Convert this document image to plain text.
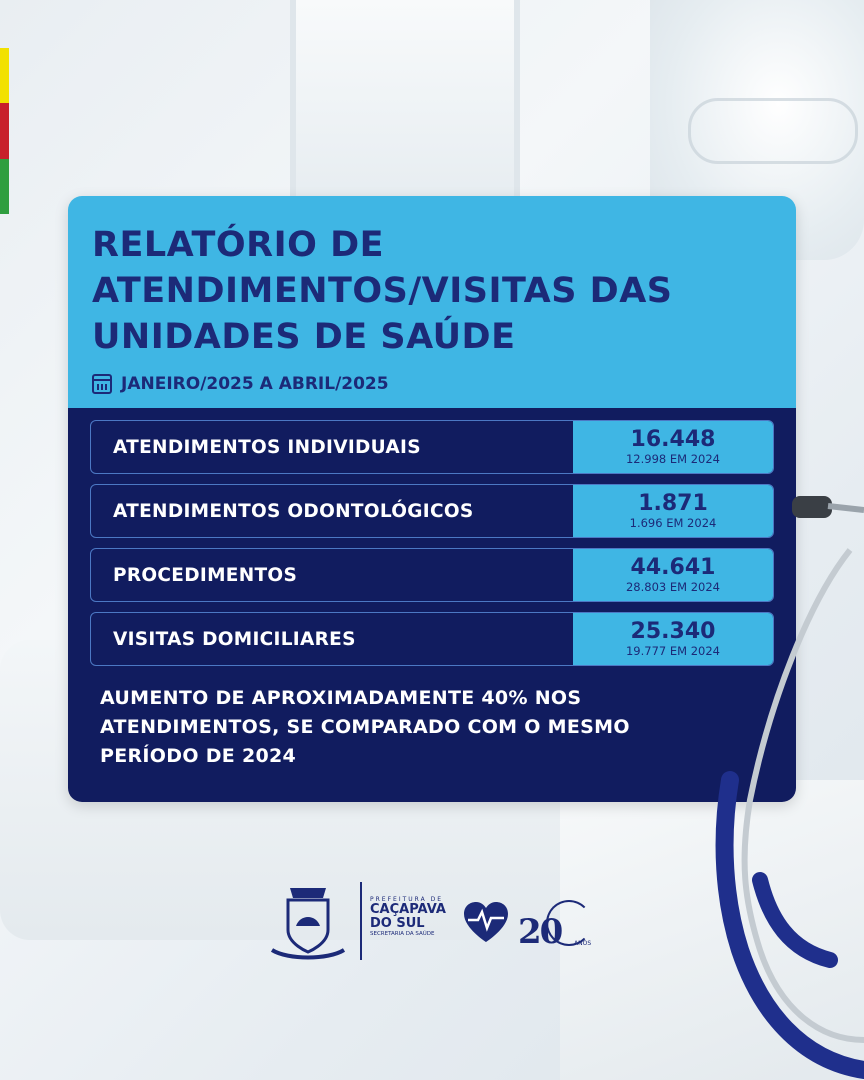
RELATÓRIO DE
ATENDIMENTOS/VISITAS DAS
UNIDADES DE SAÚDE
JANEIRO/2025 A ABRIL/2025
ATENDIMENTOS INDIVIDUAIS	16.448
12.998 EM 2024
ATENDIMENTOS ODONTOLÓGICOS	1.871
1.696 EM 2024
PROCEDIMENTOS	44.641
28.803 EM 2024
VISITAS DOMICILIARES	25.340
19.777 EM 2024
AUMENTO DE APROXIMADAMENTE 40% NOS
ATENDIMENTOS, SE COMPARADO COM O MESMO
PERÍODO DE 2024
PREFEITURA DE
CAÇAPAVA
DO SUL
SECRETARIA DA SAÚDE	20 ANOS
